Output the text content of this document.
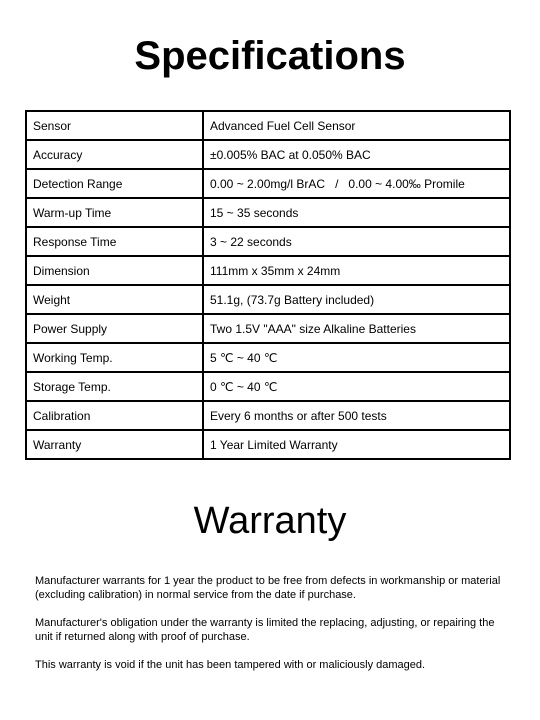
Specifications
Sensor	Advanced Fuel Cell Sensor
Accuracy	±0.005% BAC at 0.050% BAC
Detection Range	0.00 ~ 2.00mg/l BrAC   /   0.00 ~ 4.00‰ Promile
Warm-up Time	15 ~ 35 seconds
Response Time	3 ~ 22 seconds
Dimension	111mm x 35mm x 24mm
Weight	51.1g, (73.7g Battery included)
Power Supply	Two 1.5V "AAA" size Alkaline Batteries
Working Temp.	5 ℃ ~ 40 ℃
Storage Temp.	0 ℃ ~ 40 ℃
Calibration	Every 6 months or after 500 tests
Warranty	1 Year Limited Warranty
Warranty

Manufacturer warrants for 1 year the product to be free from defects in workmanship or material (excluding calibration) in normal service from the date if purchase.

Manufacturer's obligation under the warranty is limited the replacing, adjusting, or repairing the unit if returned along with proof of purchase.

This warranty is void if the unit has been tampered with or maliciously damaged.
